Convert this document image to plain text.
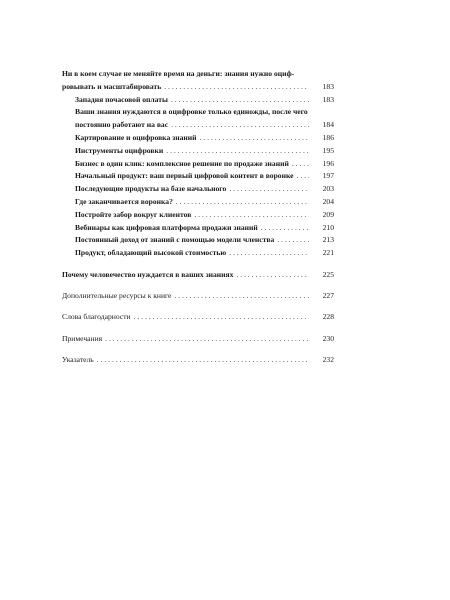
Ни в коем случае не меняйте время на деньги: знания нужно оциф-
ровывать и масштабировать . . .	183
Западня почасовой оплаты . . .	183
Ваши знания нуждаются в оцифровке только единожды, после чего
постоянно работают на вас . . .	184
Картирование и оцифровка знаний . . .	186
Инструменты оцифровки . . .	195
Бизнес в один клик: комплексное решение по продаже знаний . . .	196
Начальный продукт: ваш первый цифровой контент в воронке . . .	197
Последующие продукты на базе начального . . .	203
Где заканчивается воронка? . . .	204
Постройте забор вокруг клиентов . . .	209
Вебинары как цифровая платформа продажи знаний . . .	210
Постоянный доход от знаний с помощью модели членства . . .	213
Продукт, обладающий высокой стоимостью . . .	221
Почему человечество нуждается в ваших знаниях . . .	225
Дополнительные ресурсы к книге . . .	227
Слова благодарности . . .	228
Примечания . . .	230
Указатель . . .	232
